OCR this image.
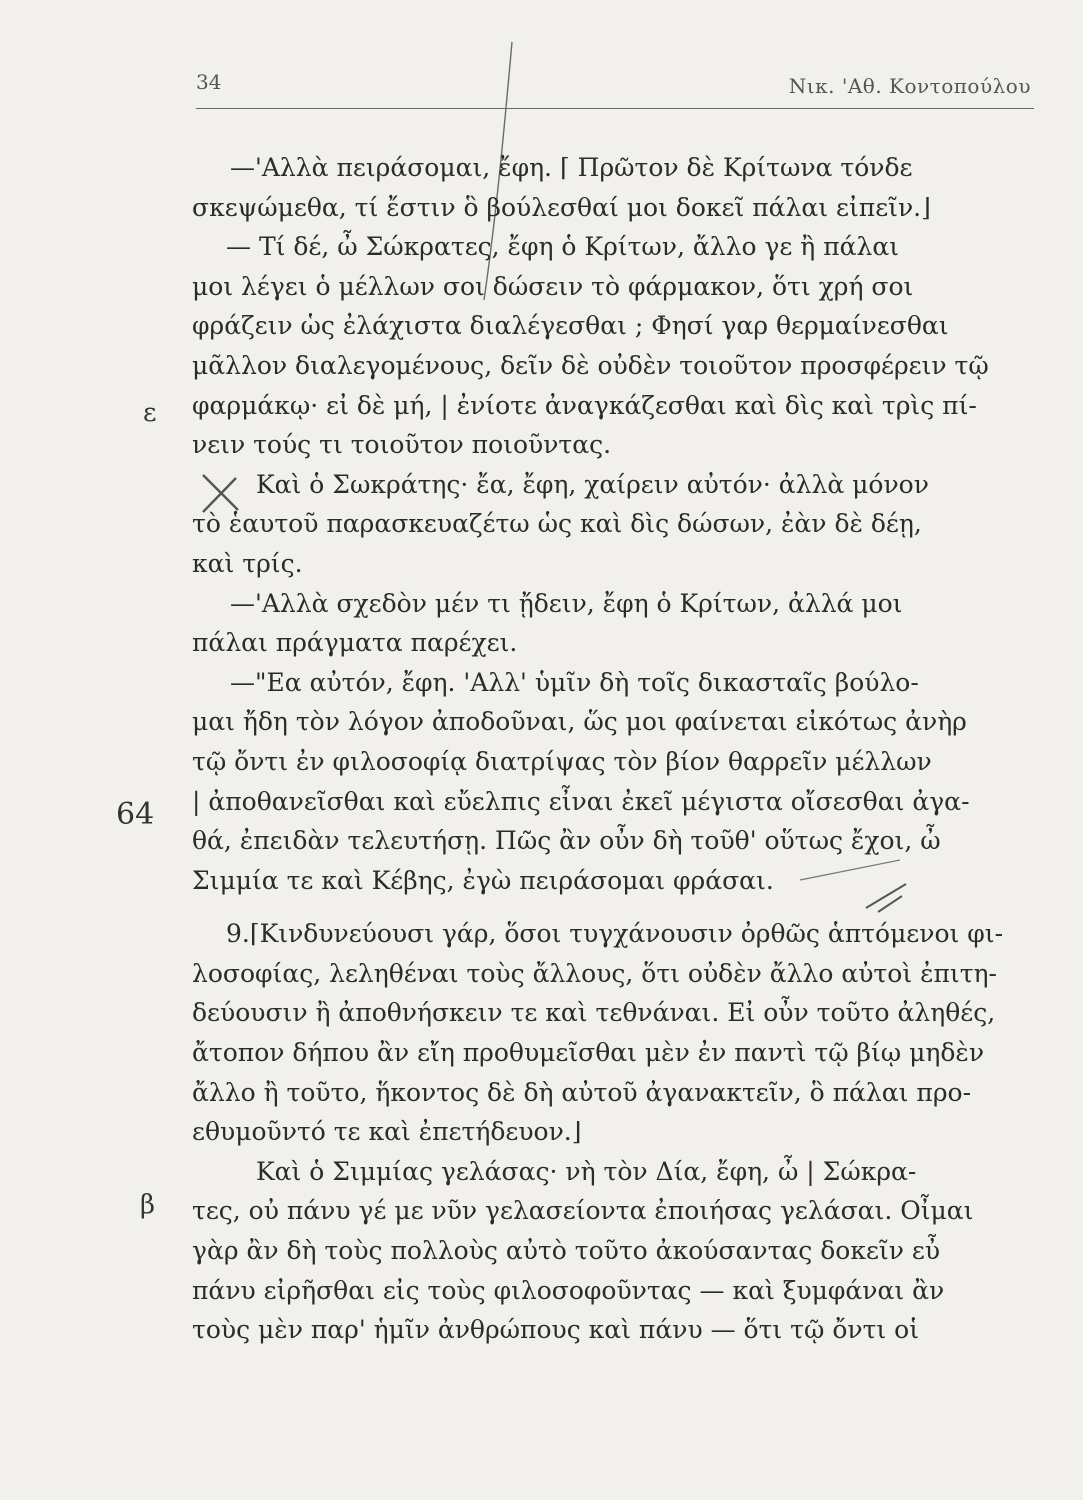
34	Νικ. 'Αθ. Κοντοπούλου
ε
64
β
—'Αλλὰ πειράσομαι, ἔφη. ⌈ Πρῶτον δὲ Κρίτωνα τόνδε
σκεψώμεθα, τί ἔστιν ὃ βούλεσθαί μοι δοκεῖ πάλαι εἰπεῖν.⌋
— Τί δέ, ὦ Σώκρατες, ἔφη ὁ Κρίτων, ἄλλο γε ἢ πάλαι
μοι λέγει ὁ μέλλων σοι δώσειν τὸ φάρμακον, ὅτι χρή σοι
φράζειν ὡς ἐλάχιστα διαλέγεσθαι ; Φησί γαρ θερμαίνεσθαι
μᾶλλον διαλεγομένους, δεῖν δὲ οὐδὲν τοιοῦτον προσφέρειν τῷ
φαρμάκῳ· εἰ δὲ μή, | ἐνίοτε ἀναγκάζεσθαι καὶ δὶς καὶ τρὶς πί-
νειν τούς τι τοιοῦτον ποιοῦντας.
Καὶ ὁ Σωκράτης· ἔα, ἔφη, χαίρειν αὐτόν· ἀλλὰ μόνον
τὸ ἑαυτοῦ παρασκευαζέτω ὡς καὶ δὶς δώσων, ἐὰν δὲ δέῃ,
καὶ τρίς.
—'Αλλὰ σχεδὸν μέν τι ᾔδειν, ἔφη ὁ Κρίτων, ἀλλά μοι
πάλαι πράγματα παρέχει.
—"Εα αὐτόν, ἔφη. 'Αλλ' ὑμῖν δὴ τοῖς δικασταῖς βούλο-
μαι ἤδη τὸν λόγον ἀποδοῦναι, ὥς μοι φαίνεται εἰκότως ἀνὴρ
τῷ ὄντι ἐν φιλοσοφίᾳ διατρίψας τὸν βίον θαρρεῖν μέλλων
| ἀποθανεῖσθαι καὶ εὔελπις εἶναι ἐκεῖ μέγιστα οἴσεσθαι ἀγα-
θά, ἐπειδὰν τελευτήσῃ. Πῶς ἂν οὖν δὴ τοῦθ' οὕτως ἔχοι, ὦ
Σιμμία τε καὶ Κέβης, ἐγὼ πειράσομαι φράσαι.
9.⌈Κινδυνεύουσι γάρ, ὅσοι τυγχάνουσιν ὀρθῶς ἁπτόμενοι φι-
λοσοφίας, λεληθέναι τοὺς ἄλλους, ὅτι οὐδὲν ἄλλο αὐτοὶ ἐπιτη-
δεύουσιν ἢ ἀποθνήσκειν τε καὶ τεθνάναι. Εἰ οὖν τοῦτο ἀληθές,
ἄτοπον δήπου ἂν εἴη προθυμεῖσθαι μὲν ἐν παντὶ τῷ βίῳ μηδὲν
ἄλλο ἢ τοῦτο, ἥκοντος δὲ δὴ αὐτοῦ ἀγανακτεῖν, ὃ πάλαι προ-
εθυμοῦντό τε καὶ ἐπετήδευον.⌋
Καὶ ὁ Σιμμίας γελάσας· νὴ τὸν Δία, ἔφη, ὦ | Σώκρα-
τες, οὐ πάνυ γέ με νῦν γελασείοντα ἐποιήσας γελάσαι. Οἶμαι
γὰρ ἂν δὴ τοὺς πολλοὺς αὐτὸ τοῦτο ἀκούσαντας δοκεῖν εὖ
πάνυ εἰρῆσθαι εἰς τοὺς φιλοσοφοῦντας — καὶ ξυμφάναι ἂν
τοὺς μὲν παρ' ἡμῖν ἀνθρώπους καὶ πάνυ — ὅτι τῷ ὄντι οἱ
